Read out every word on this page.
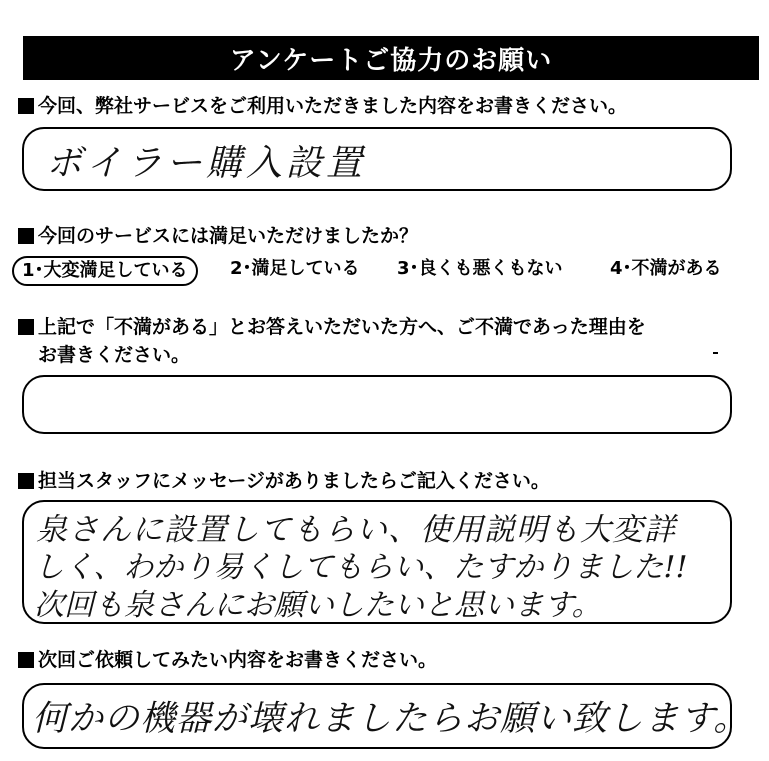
アンケートご協力のお願い
今回、弊社サービスをご利用いただきました内容をお書きください。
ボイラー購入設置
今回のサービスには満足いただけましたか？
1･大変満足している	2･満足している 3･良くも悪くもない	4･不満がある
上記で「不満がある」とお答えいただいた方へ、ご不満であった理由を
お書きください。
担当スタッフにメッセージがありましたらご記入ください。
泉さんに設置してもらい、使用説明も大変詳
しく、わかり易くしてもらい、たすかりました!!
次回も泉さんにお願いしたいと思います。
次回ご依頼してみたい内容をお書きください。
何かの機器が壊れましたらお願い致します。
